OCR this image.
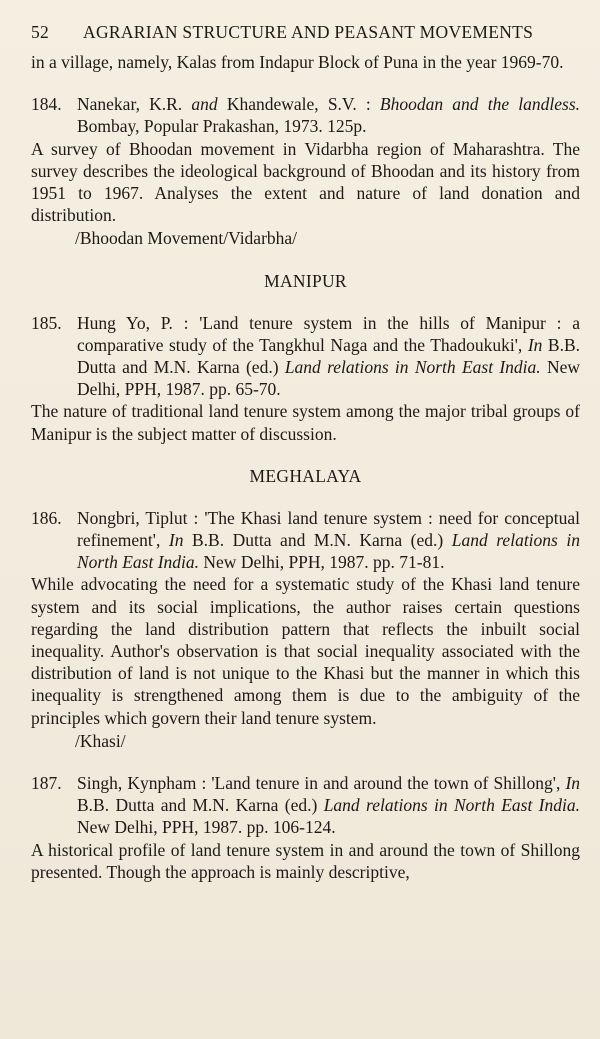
52	AGRARIAN STRUCTURE AND PEASANT MOVEMENTS

in a village, namely, Kalas from Indapur Block of Puna in the year 1969-70.

184. Nanekar, K.R. and Khandewale, S.V. : Bhoodan and the landless. Bombay, Popular Prakashan, 1973. 125p.

A survey of Bhoodan movement in Vidarbha region of Maharashtra. The survey describes the ideological background of Bhoodan and its history from 1951 to 1967. Analyses the extent and nature of land donation and distribution.

/Bhoodan Movement/Vidarbha/

MANIPUR

185. Hung Yo, P. : 'Land tenure system in the hills of Manipur : a comparative study of the Tangkhul Naga and the Thadoukuki', In B.B. Dutta and M.N. Karna (ed.) Land relations in North East India. New Delhi, PPH, 1987. pp. 65-70.

The nature of traditional land tenure system among the major tribal groups of Manipur is the subject matter of discussion.

MEGHALAYA

186. Nongbri, Tiplut : 'The Khasi land tenure system : need for conceptual refinement', In B.B. Dutta and M.N. Karna (ed.) Land relations in North East India. New Delhi, PPH, 1987. pp. 71-81.

While advocating the need for a systematic study of the Khasi land tenure system and its social implications, the author raises certain questions regarding the land distribution pattern that reflects the inbuilt social inequality. Author's observation is that social inequality associated with the distribution of land is not unique to the Khasi but the manner in which this inequality is strengthened among them is due to the ambiguity of the principles which govern their land tenure system.

/Khasi/

187. Singh, Kynpham : 'Land tenure in and around the town of Shillong', In B.B. Dutta and M.N. Karna (ed.) Land relations in North East India. New Delhi, PPH, 1987. pp. 106-124.

A historical profile of land tenure system in and around the town of Shillong presented. Though the approach is mainly descriptive,
